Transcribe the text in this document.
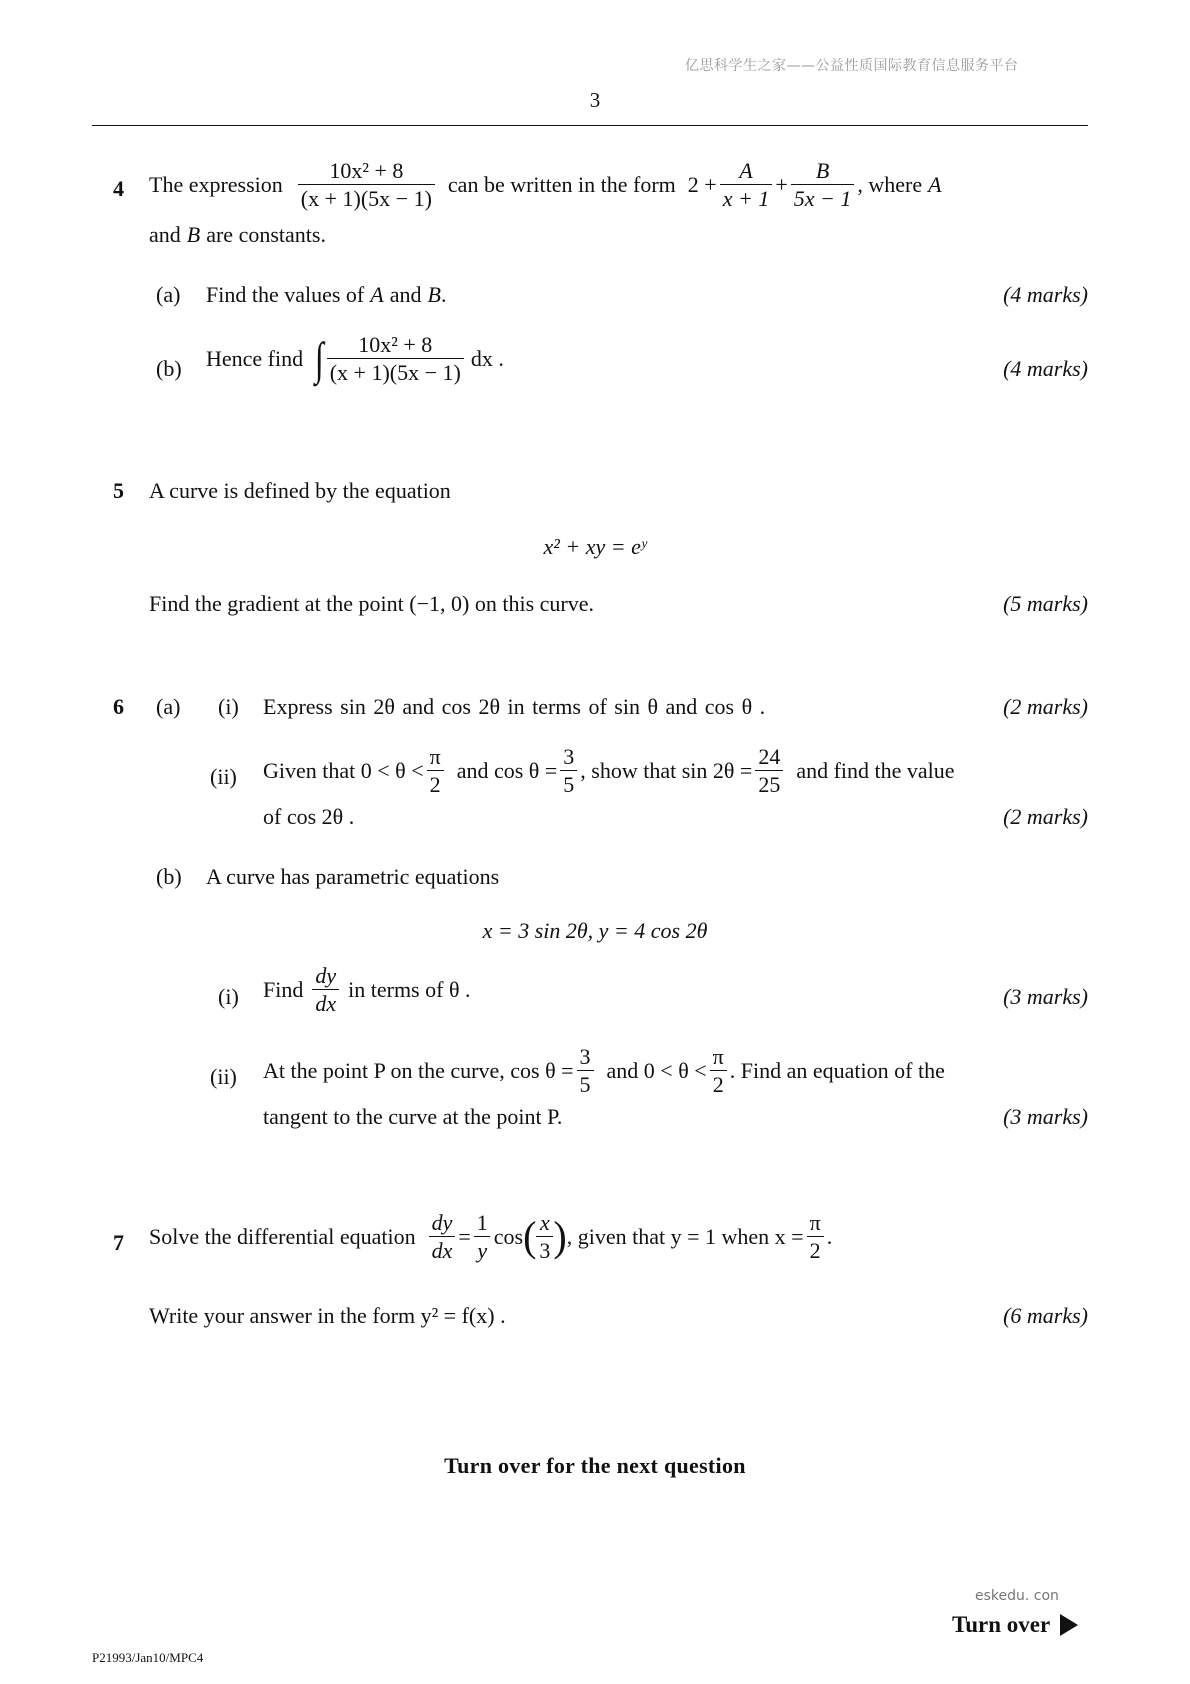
亿思科学生之家——公益性质国际教育信息服务平台
3
4 The expression $\frac{\text{10x² + 8}}{(x + 1)(5x - 1)}$ can be written in the form $2 + \frac{A}{x + 1} + \frac{B}{5x - 1}$ , where A
and B are constants.
(a) Find the values of A and B .	(4 marks)
(b) Hence find ∫ $\frac{\text{10x² + 8}}{(x + 1)(5x - 1)}$ dx .	(4 marks)
5 A curve is defined by the equation
x² + xy = eʸ
Find the gradient at the point (−1, 0) on this curve.	(5 marks)
6 (a) (i) Express sin 2θ and cos 2θ in terms of sin θ and cos θ .	(2 marks)
(ii) Given that $0 < \theta < \frac{\pi}{2}$ and $\cos \theta = \frac{3}{5}$ , show that $\sin 2\theta = \frac{24}{25}$ and find the value
of cos 2θ .	(2 marks)
(b) A curve has parametric equations
x = 3 sin 2θ, y = 4 cos 2θ
(i) Find $\frac{dy}{dx}$ in terms of θ .	(3 marks)
(ii) At the point P on the curve, $\cos \theta = \frac{3}{5}$ and $0 < \theta < \frac{\pi}{2}$ . Find an equation of the
tangent to the curve at the point P.	(3 marks)
7 Solve the differential equation $\frac{dy}{dx} = \frac{1}{y}$ cos ( $\frac{x}{3}$ ) , given that y = 1 when $x = \frac{\pi}{2}$ .
Write your answer in the form y² = f(x) .	(6 marks)
Turn over for the next question
eskedu. con
Turn over
P21993/Jan10/MPC4
